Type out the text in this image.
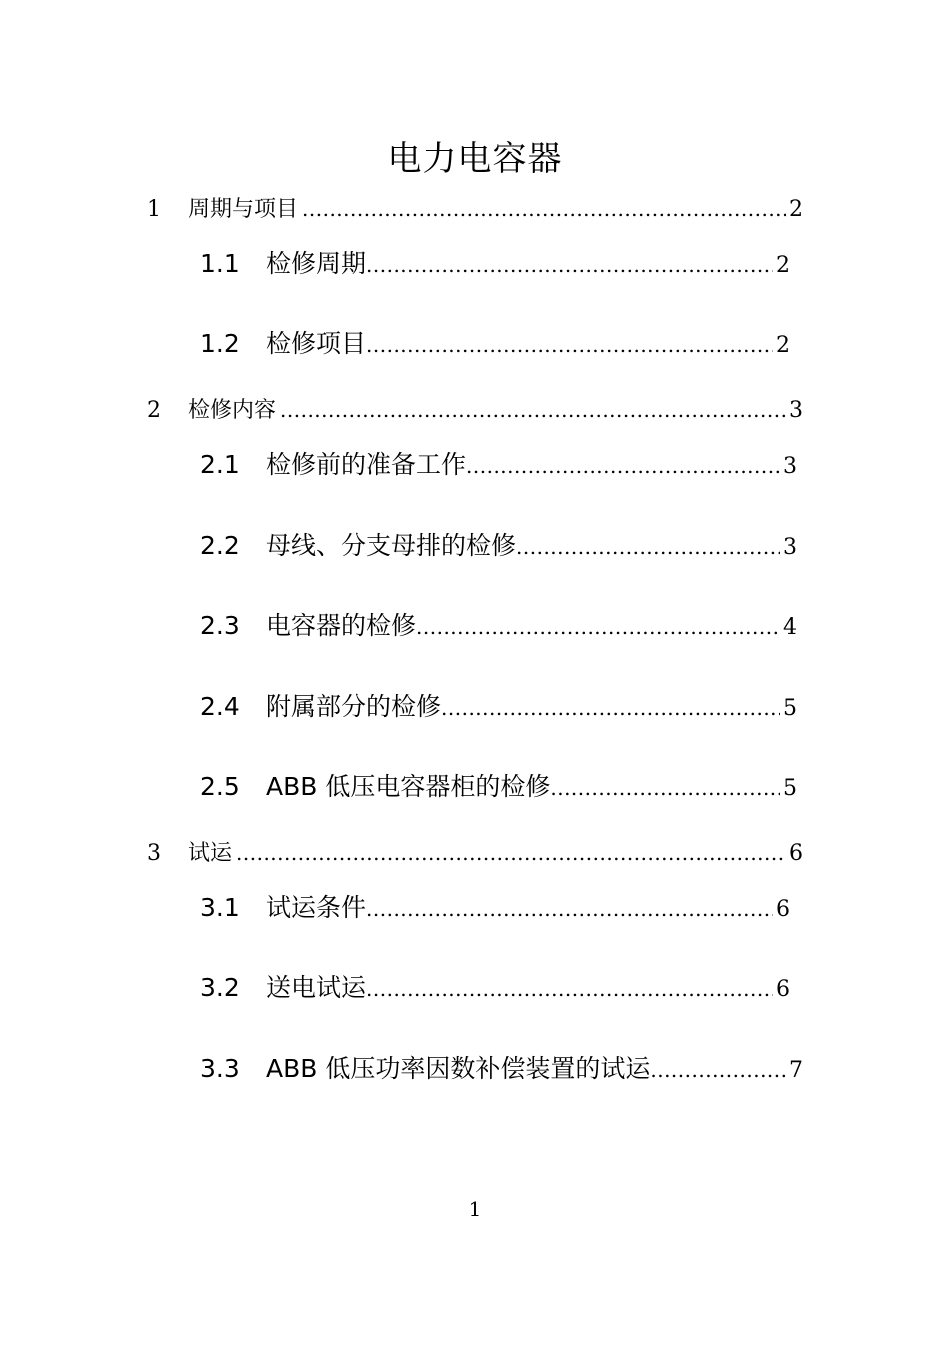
电力电容器
1	周期与项目 .....	2
1.1	检修周期 .....	2
1.2	检修项目 .....	2
2	检修内容 .....	3
2.1	检修前的准备工作 .....	3
2.2	母线、分支母排的检修 .....	3
2.3	电容器的检修 .....	4
2.4	附属部分的检修 .....	5
2.5	ABB 低压电容器柜的检修 .....	5
3	试运 .....	6
3.1	试运条件 .....	6
3.2	送电试运 .....	6
3.3	ABB 低压功率因数补偿装置的试运 .....	7
1
